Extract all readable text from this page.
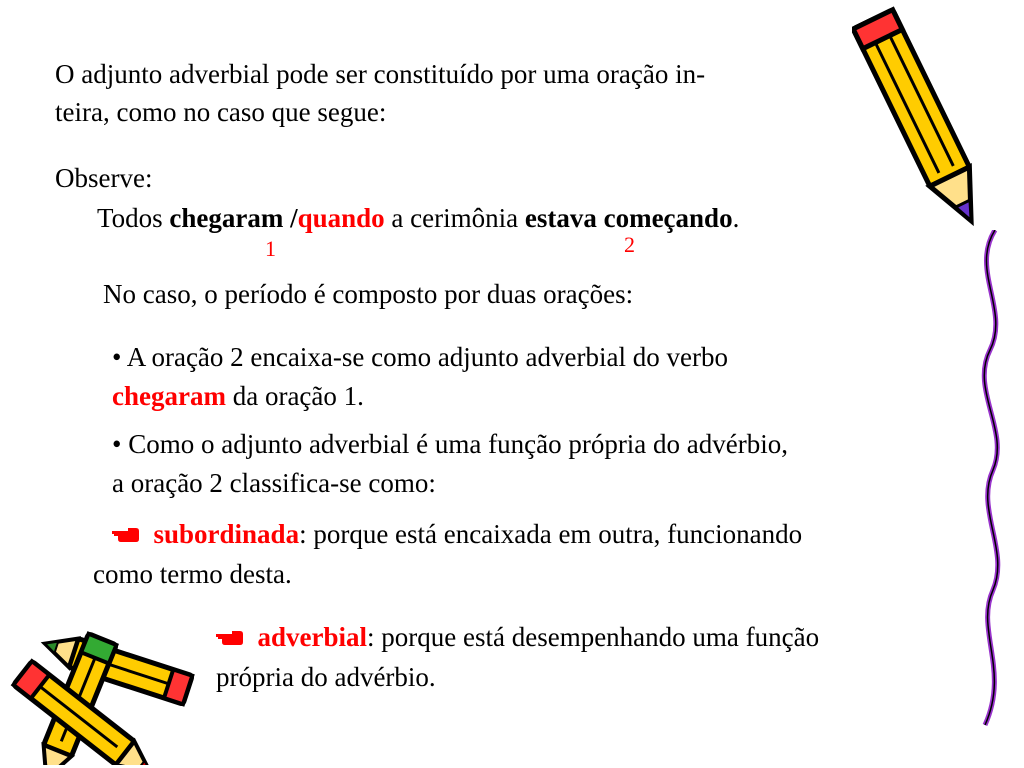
O adjunto adverbial pode ser constituído por uma oração in-
teira, como no caso que segue:
Observe:
Todos chegaram /quando a cerimônia estava começando.
1	2
No caso, o período é composto por duas orações:
• A oração 2 encaixa-se como adjunto adverbial do verbo
chegaram da oração 1.
• Como o adjunto adverbial é uma função própria do advérbio,
a oração 2 classifica-se como:
subordinada: porque está encaixada em outra, funcionando
como termo desta.
adverbial: porque está desempenhando uma função
própria do advérbio.
